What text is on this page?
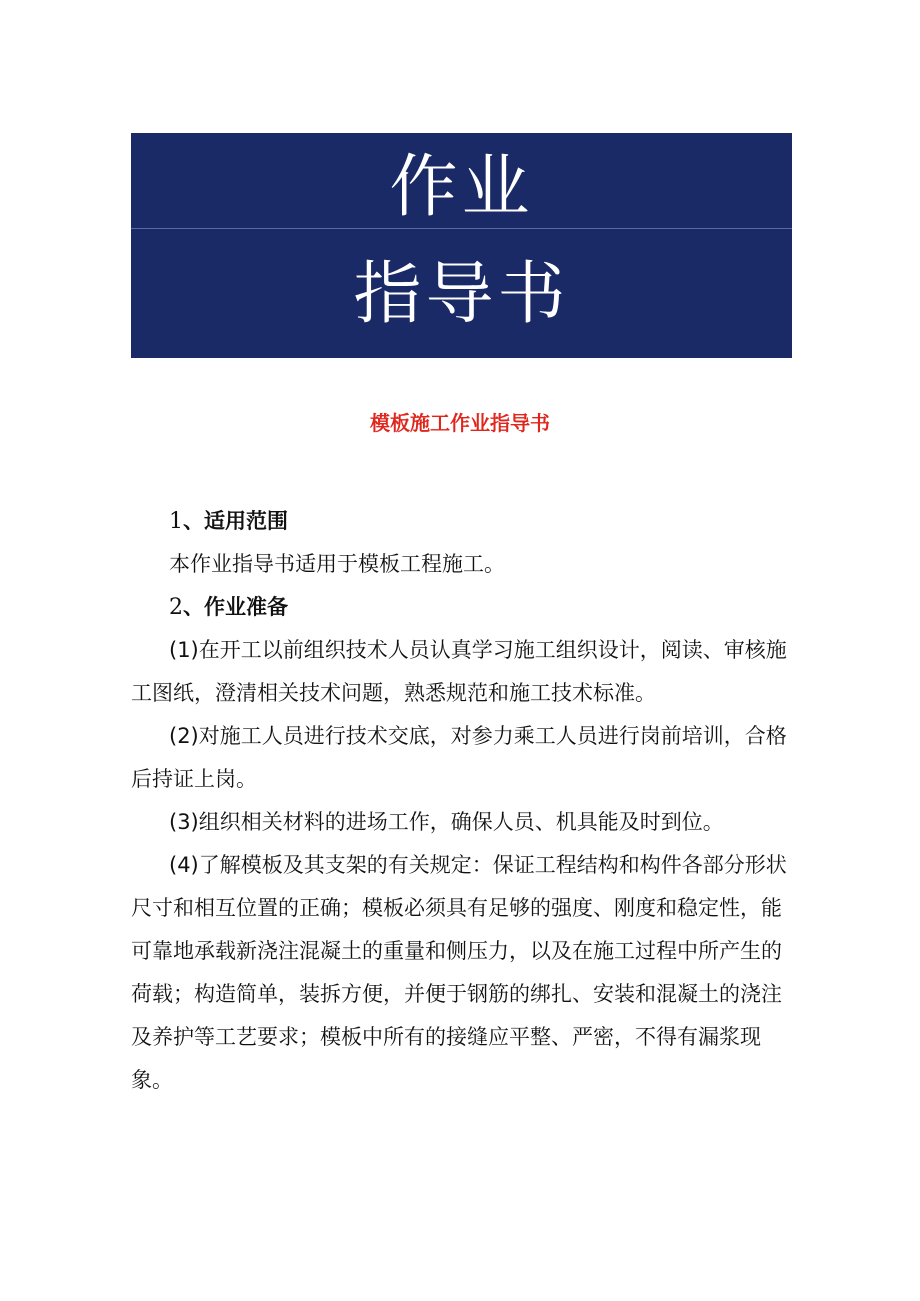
作业
指导书
模板施工作业指导书

1、适用范围

本作业指导书适用于模板工程施工。

2、作业准备

(1)在开工以前组织技术人员认真学习施工组织设计，阅读、审核施工图纸，澄清相关技术问题，熟悉规范和施工技术标准。

(2)对施工人员进行技术交底，对参力乘工人员进行岗前培训，合格后持证上岗。

(3)组织相关材料的进场工作，确保人员、机具能及时到位。

(4)了解模板及其支架的有关规定：保证工程结构和构件各部分形状尺寸和相互位置的正确；模板必须具有足够的强度、刚度和稳定性，能可靠地承载新浇注混凝土的重量和侧压力，以及在施工过程中所产生的荷载；构造简单，装拆方便，并便于钢筋的绑扎、安装和混凝土的浇注及养护等工艺要求；模板中所有的接缝应平整、严密，不得有漏浆现象。
